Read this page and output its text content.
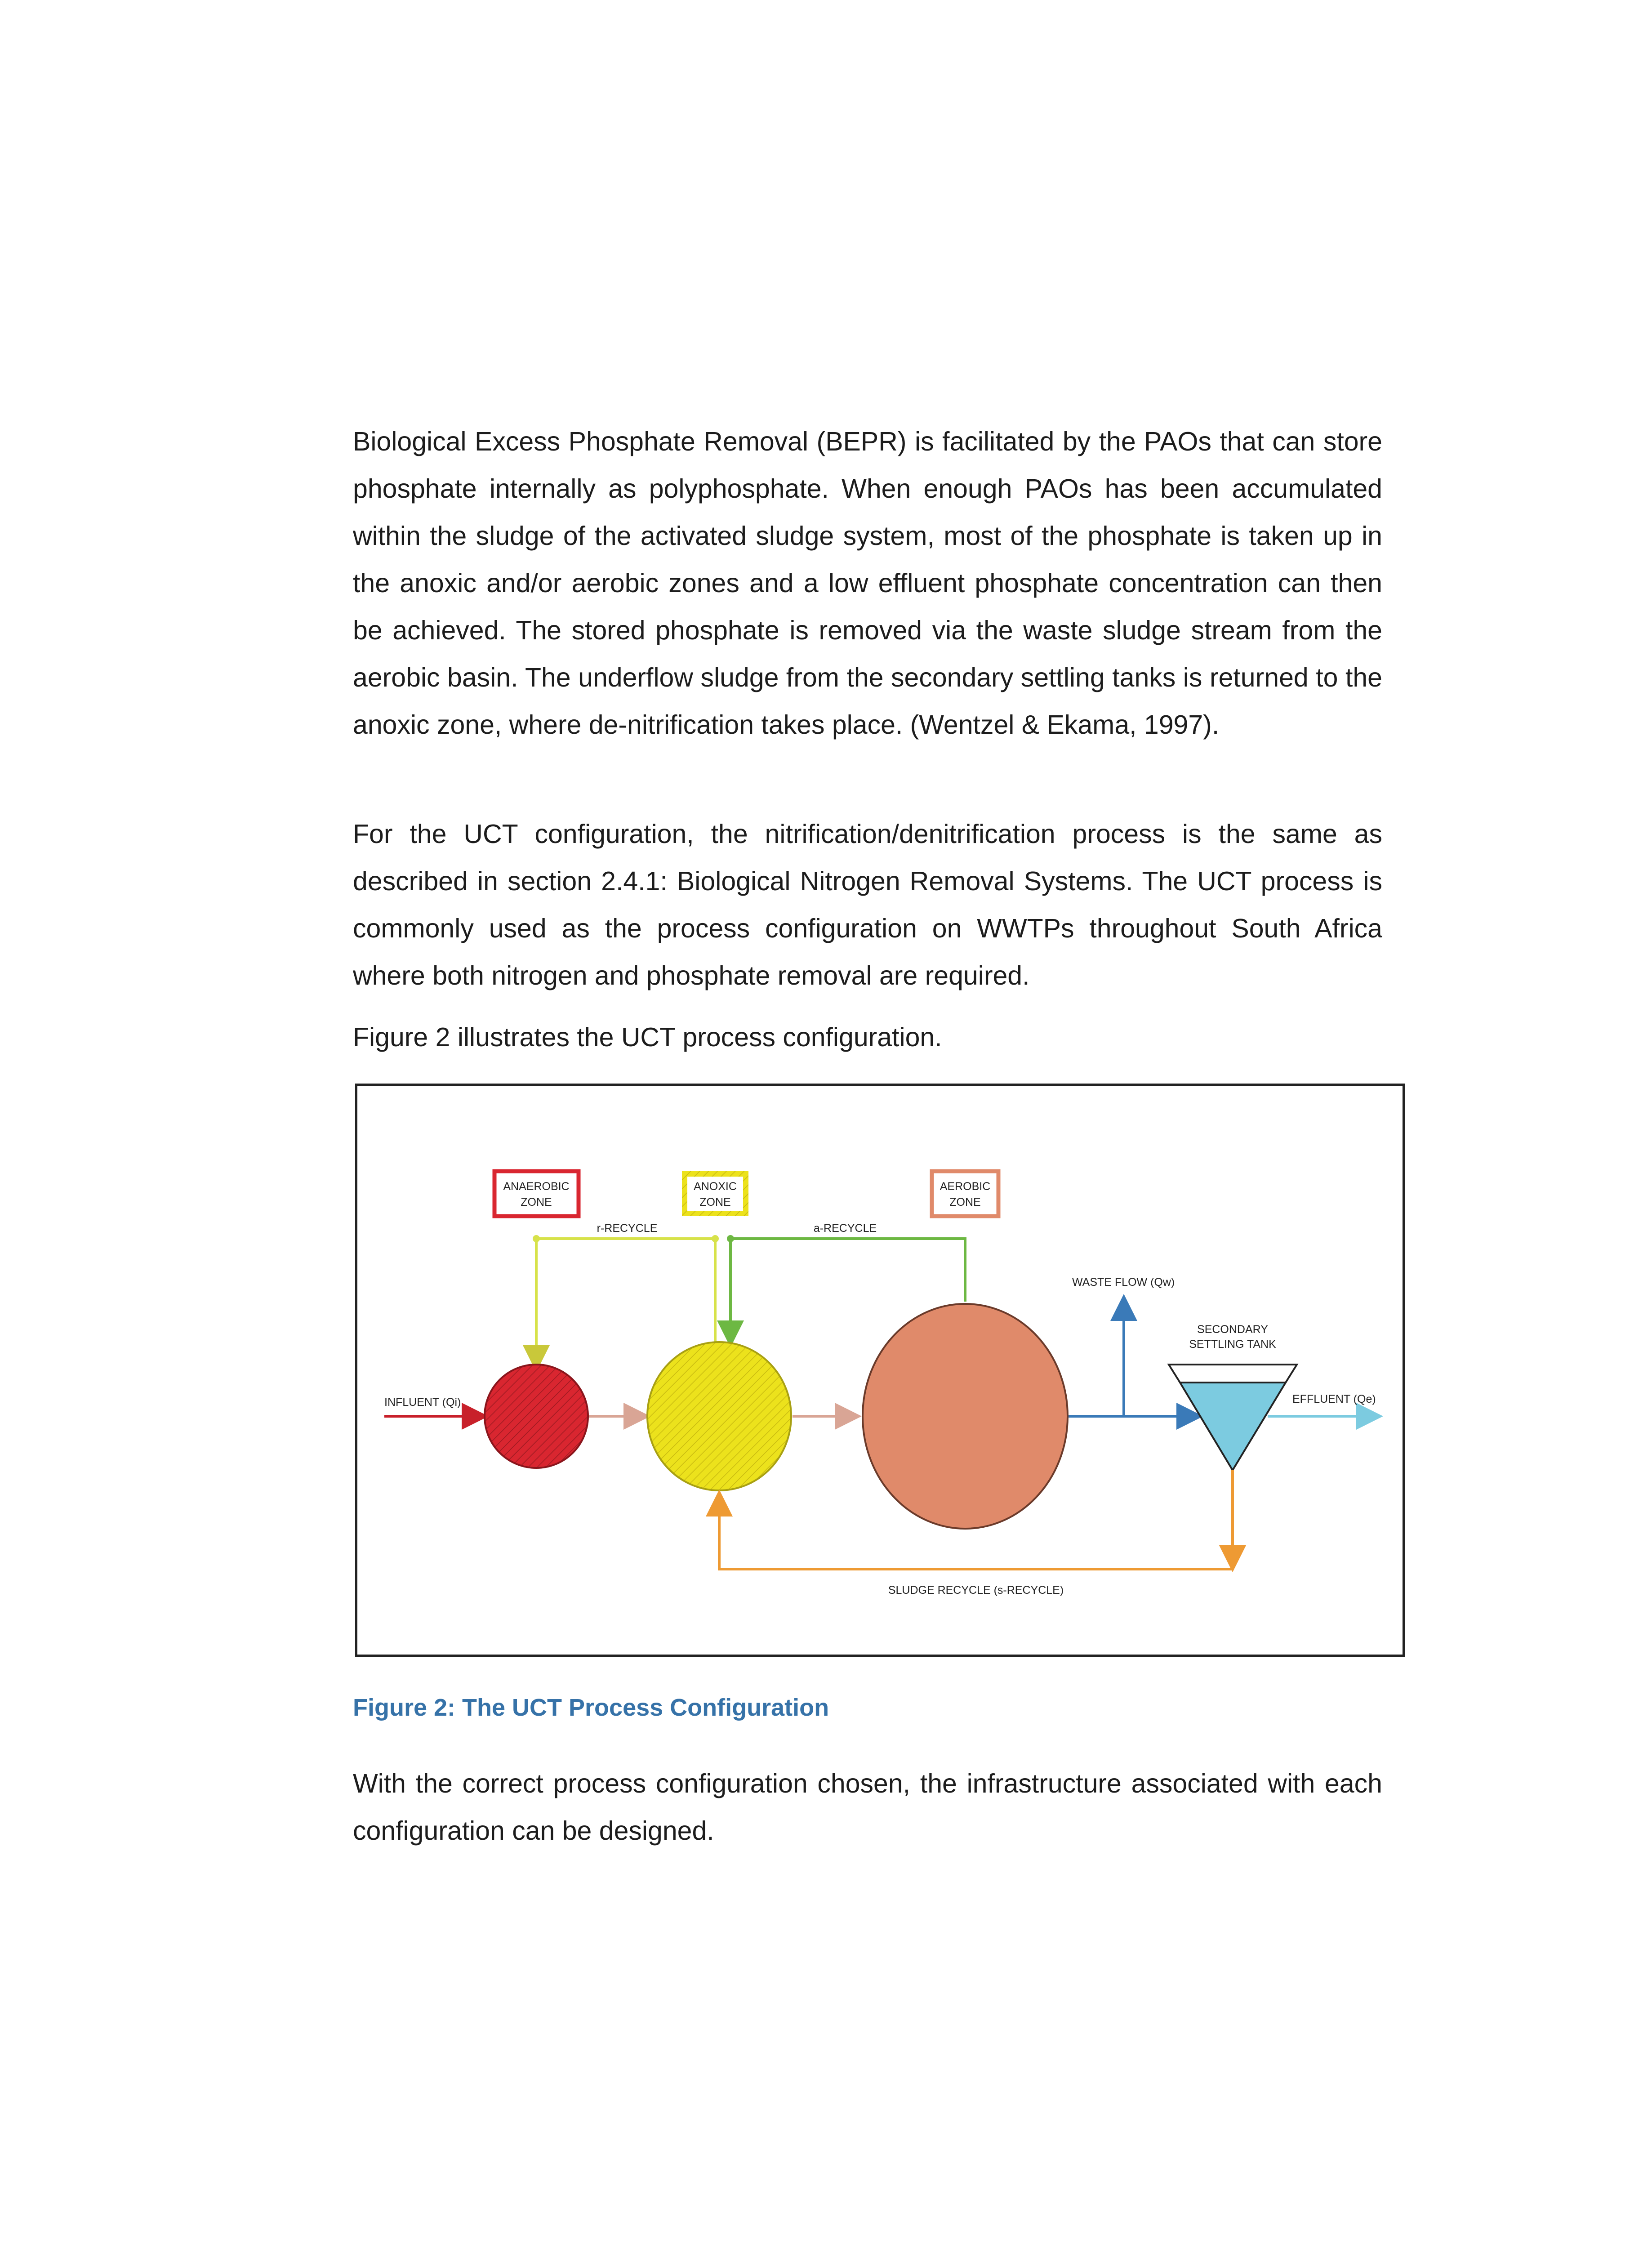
Biological Excess Phosphate Removal (BEPR) is facilitated by the PAOs that can store phosphate internally as polyphosphate. When enough PAOs has been accumulated within the sludge of the activated sludge system, most of the phosphate is taken up in the anoxic and/or aerobic zones and a low effluent phosphate concentration can then be achieved. The stored phosphate is removed via the waste sludge stream from the aerobic basin. The underflow sludge from the secondary settling tanks is returned to the anoxic zone, where de-nitrification takes place. (Wentzel & Ekama, 1997).

For the UCT configuration, the nitrification/denitrification process is the same as described in section 2.4.1: Biological Nitrogen Removal Systems. The UCT process is commonly used as the process configuration on WWTPs throughout South Africa where both nitrogen and phosphate removal are required.

Figure 2 illustrates the UCT process configuration.

ANAEROBIC
ZONE
ANOXIC
ZONE
AEROBIC
ZONE
r-RECYCLE	a-RECYCLE
INFLUENT (Qi)
WASTE FLOW (Qw)
SECONDARY
SETTLING TANK
EFFLUENT (Qe)
SLUDGE RECYCLE (s-RECYCLE)
Figure 2: The UCT Process Configuration

With the correct process configuration chosen, the infrastructure associated with each configuration can be designed.
